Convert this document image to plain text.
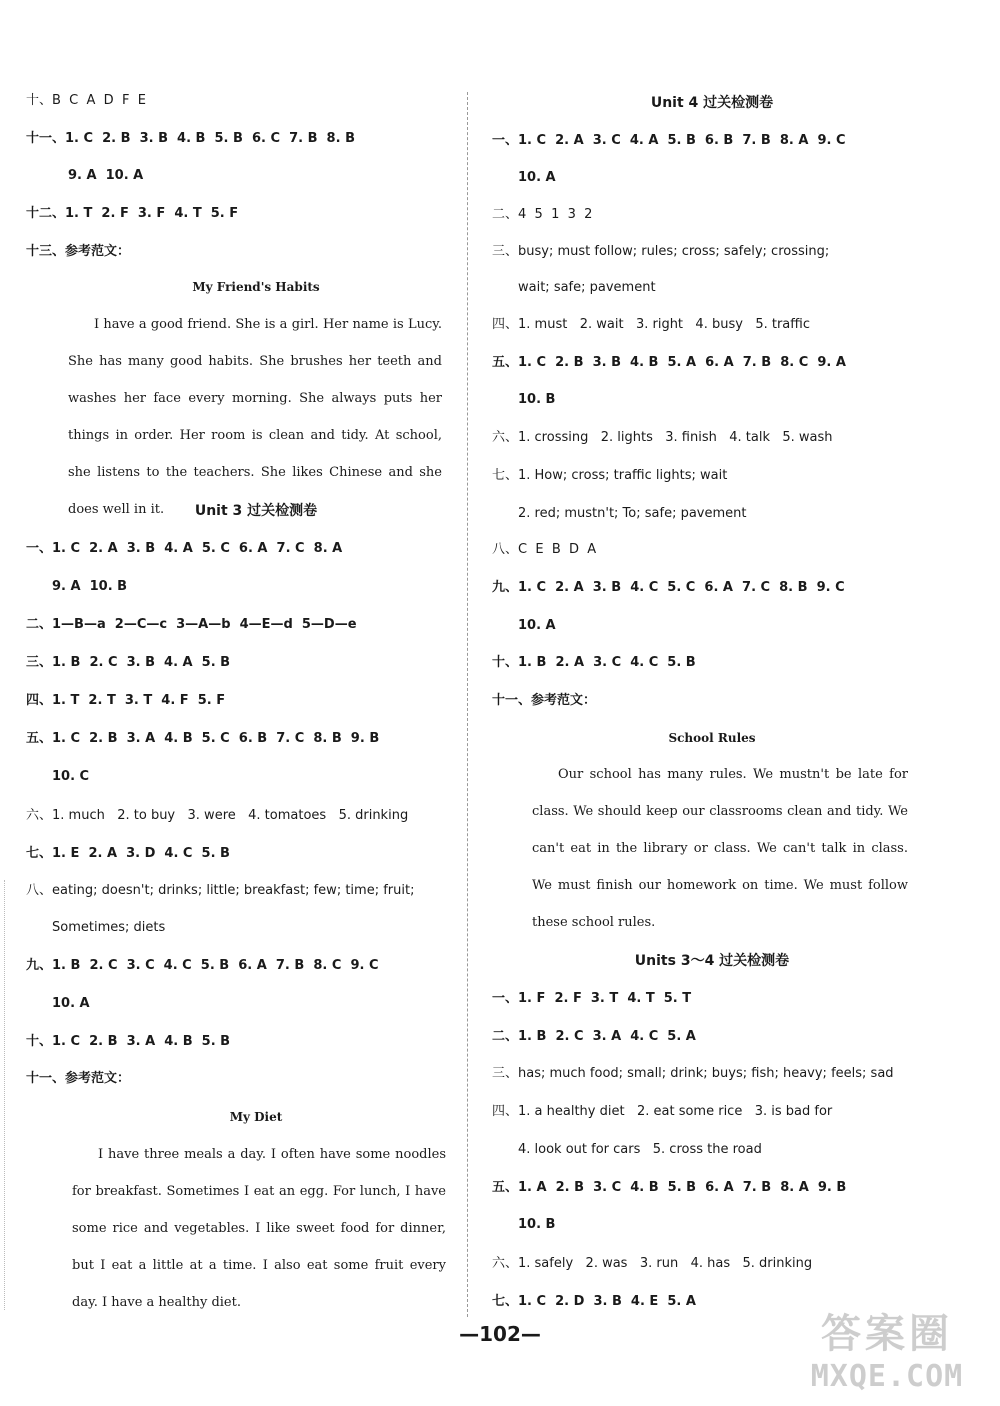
十、B  C  A  D  F  E
十一、1. C  2. B  3. B  4. B  5. B  6. C  7. B  8. B
9. A  10. A
十二、1. T  2. F  3. F  4. T  5. F
十三、参考范文：
My Friend's Habits

I have a good friend. She is a girl. Her name is Lucy. She has many good habits. She brushes her teeth and washes her face every morning. She always puts her things in order. Her room is clean and tidy. At school, she listens to the teachers. She likes Chinese and she does well in it.	Unit 3 过关检测卷
一、1. C  2. A  3. B  4. A  5. C  6. A  7. C  8. A
9. A  10. B
二、1—B—a  2—C—c  3—A—b  4—E—d  5—D—e
三、1. B  2. C  3. B  4. A  5. B
四、1. T  2. T  3. T  4. F  5. F
五、1. C  2. B  3. A  4. B  5. C  6. B  7. C  8. B  9. B
10. C
六、1. much   2. to buy   3. were   4. tomatoes   5. drinking
七、1. E  2. A  3. D  4. C  5. B
八、eating; doesn't; drinks; little; breakfast; few; time; fruit;
Sometimes; diets
九、1. B  2. C  3. C  4. C  5. B  6. A  7. B  8. C  9. C
10. A
十、1. C  2. B  3. A  4. B  5. B
十一、参考范文：
My Diet

I have three meals a day. I often have some noodles for breakfast. Sometimes I eat an egg. For lunch, I have some rice and vegetables. I like sweet food for dinner, but I eat a little at a time. I also eat some fruit every day. I have a healthy diet.

Unit 4 过关检测卷
一、1. C  2. A  3. C  4. A  5. B  6. B  7. B  8. A  9. C
10. A
二、4  5  1  3  2
三、busy; must follow; rules; cross; safely; crossing;
wait; safe; pavement
四、1. must   2. wait   3. right   4. busy   5. traffic
五、1. C  2. B  3. B  4. B  5. A  6. A  7. B  8. C  9. A
10. B
六、1. crossing   2. lights   3. finish   4. talk   5. wash
七、1. How; cross; traffic lights; wait
2. red; mustn't; To; safe; pavement
八、C  E  B  D  A
九、1. C  2. A  3. B  4. C  5. C  6. A  7. C  8. B  9. C
10. A
十、1. B  2. A  3. C  4. C  5. B
十一、参考范文：
School Rules

Our school has many rules. We mustn't be late for class. We should keep our classrooms clean and tidy. We can't eat in the library or class. We can't talk in class. We must finish our homework on time. We must follow these school rules.

Units 3～4 过关检测卷
一、1. F  2. F  3. T  4. T  5. T
二、1. B  2. C  3. A  4. C  5. A
三、has; much food; small; drink; buys; fish; heavy; feels; sad
四、1. a healthy diet   2. eat some rice   3. is bad for
4. look out for cars   5. cross the road
五、1. A  2. B  3. C  4. B  5. B  6. A  7. B  8. A  9. B
10. B
六、1. safely   2. was   3. run   4. has   5. drinking
七、1. C  2. D  3. B  4. E  5. A
—102—	答案圈
MXQE.COM
